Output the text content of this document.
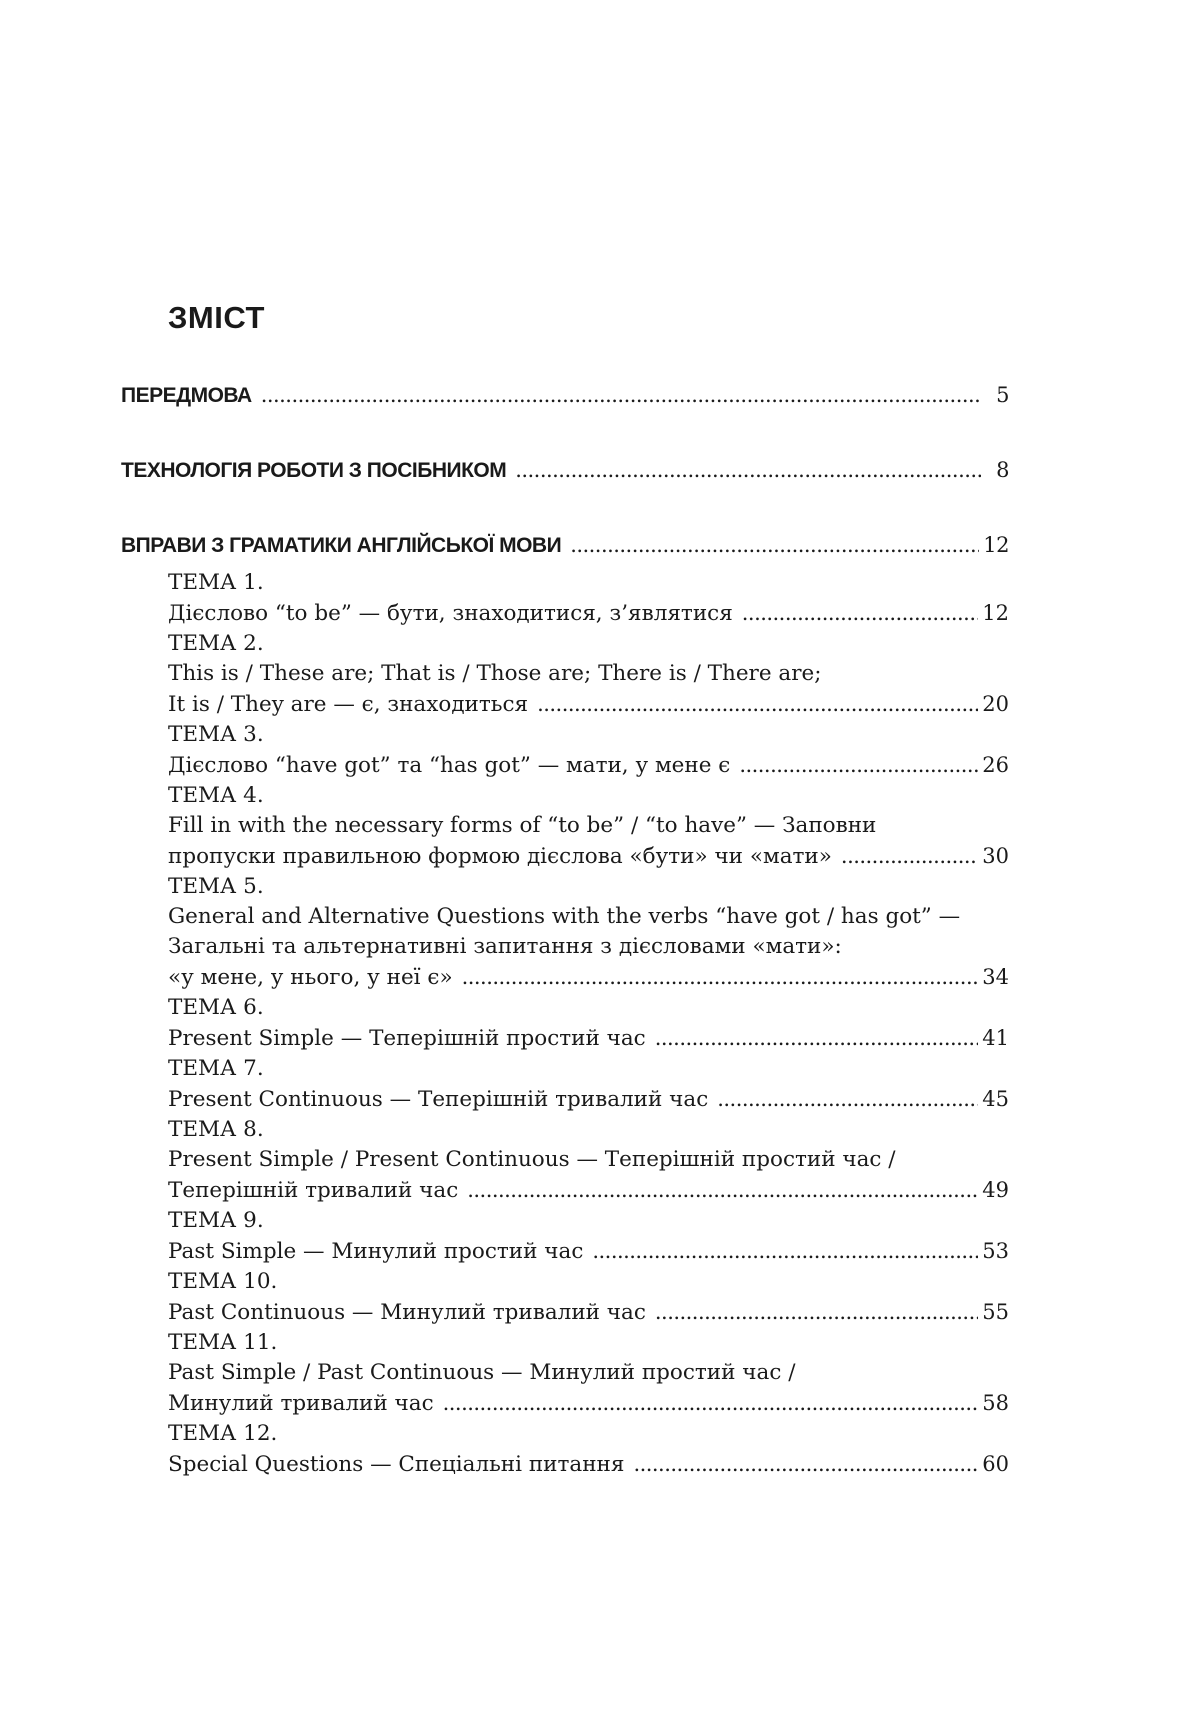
ЗМІСТ
ПЕРЕДМОВА . . .	5
ТЕХНОЛОГІЯ РОБОТИ З ПОСІБНИКОМ . . .	8
ВПРАВИ З ГРАМАТИКИ АНГЛІЙСЬКОЇ МОВИ . . .	12
ТЕМА 1.
Дієслово “to be” — бути, знаходитися, з’являтися . . .	12
ТЕМА 2.
This is / These are; That is / Those are; There is / There are;
It is / They are — є, знаходиться . . .	20
ТЕМА 3.
Дієслово “have got” та “has got” — мати, у мене є . . .	26
ТЕМА 4.
Fill in with the necessary forms of “to be” / “to have” — Заповни
пропуски правильною формою дієслова «бути» чи «мати» . . .	30
ТЕМА 5.
General and Alternative Questions with the verbs “have got / has got” —
Загальні та альтернативні запитання з дієсловами «мати»:
«у мене, у нього, у неї є» . . .	34
ТЕМА 6.
Present Simple — Теперішній простий час . . .	41
ТЕМА 7.
Present Continuous — Теперішній тривалий час . . .	45
ТЕМА 8.
Present Simple / Present Continuous — Теперішній простий час /
Теперішній тривалий час . . .	49
ТЕМА 9.
Past Simple — Минулий простий час . . .	53
ТЕМА 10.
Past Continuous — Минулий тривалий час . . .	55
ТЕМА 11.
Past Simple / Past Continuous — Минулий простий час /
Минулий тривалий час . . .	58
ТЕМА 12.
Special Questions — Спеціальні питання . . .	60
